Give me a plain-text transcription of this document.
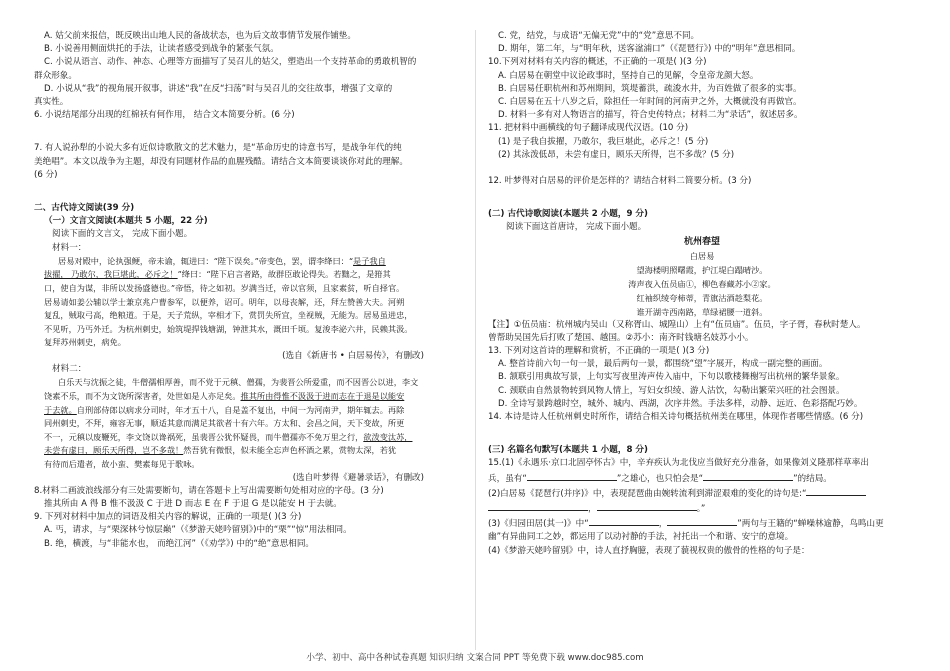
A. 姑父前来报信，既反映出山地人民的备战状态，也为后文故事情节发展作铺垫。

B. 小说善用侧面烘托的手法，让读者感受到战争的紧张气氛。

C. 小说从语言、动作、神态、心理等方面描写了吴召儿的姑父，塑造出一个支持革命的勇敢机智的

群众形象。

D. 小说从“我”的视角展开叙事，讲述“我”在反“扫荡”时与吴召儿的交往故事，增强了文章的

真实性。

6. 小说结尾部分出现的红棉袄有何作用， 结合文本简要分析。(6 分)

7. 有人说孙犁的小说大多有近似诗歌散文的艺术魅力，是“革命历史的诗意书写，是战争年代的纯

美绝唱”。本文以战争为主题，却没有同题材作品的血腥残酷。请结合文本简要谈谈你对此的理解。

(6 分)

二、古代诗文阅读(39 分)

（一）文言文阅读(本题共 5 小题，22 分)

阅读下面的文言文， 完成下面小题。

材料一：

居易对殿中，论执强鲠，帝未谕，辄进曰：“陛下误矣。”帝变色，罢，谓李绛曰：“是子我自

拔擢， 乃敢尔，我巨堪此，必斥之！”绛曰：“陛下启言者路，故群臣敢论得失。若黜之，是箝其

口，使自为谋，非所以发扬盛德也。”帝悟，待之如初。岁满当迁，帝以官须，且家素贫，听自择官。

居易请如姜公辅以学士兼京兆户曹参军，以便养，诏可。明年，以母丧解，还，拜左赞善大夫。河朔

复乱，贼取弓高，绝粮道。于是，天子荒纵，宰相才下，赏罚失所宜，坐视贼，无能为。居易虽进忠，

不见听，乃丐外迁。为杭州刺史，始筑堤捍钱塘湖，钟泄其水，溉田千顷。复浚李泌六井，民赖其汲。

复拜苏州刺史，病免。

(选自《新唐书 • 白居易传》，有删改)

材料二：

白乐天与沈振之徒，牛僧孺相厚善，而不党于元稹、僧孺，为裴晋公所爱重，而不因晋公以进，李文

饶素不乐，而不为文饶所深害者，处世如是人亦足矣。推其所由得惟不汲汲于进而志在于退是以能安

于去就。自刑部侍郎以病求分司时，年才五十八，自是盖不复出，中间一为河南尹，期年辄去。再除

同州刺史，不拜，雍容无事，顺适其意而满足其欲者十有六年。方太和、会昌之间，天下变故，所更

不一，元稹以废鞭死，李文饶以谗祸死，虽裴晋公犹怀疑畏，而牛僧孺亦不免万里之行，欲泼变汰苏，

未尝有虚日，顾乐天所得，岂不多哉！然吾犹有微恨，似未能全忘声色杯酒之累，赏物太深，若犹

有待而后遣者，故小蛮、樊素每见于歌咏。

(选自叶梦得《避暑录话》，有删改)

8.材料二画波浪线部分有三处需要断句，请在答题卡上写出需要断句处相对应的字母。(3 分)

推其所由 A 得 B 惟不汲汲 C 于进 D 而志 E 在 F 于退 G 是以能安 H 于去就。

9. 下列对材料中加点的词语及相关内容的解说，正确的一项是( )(3 分)

A. 丐，请求，与“栗深林兮惊层巅”（《梦游天姥吟留别》)中的“栗”“惊”用法相同。

B. 绝，横渡，与“非能水也， 而绝江河”（《劝学》) 中的“绝”意思相同。

C. 党，结党，与成语“无偏无党”中的“党”意思不同。

D. 期年，第二年，与“明年秋，送客湓浦口”（《琵琶行》) 中的“明年”意思相同。

10.下列对材料有关内容的概述，不正确的一项是( )(3 分)

A. 白居易在朝堂中议论政事时，坚持自己的见解，令皇帝龙颜大怒。

B. 白居易任职杭州和苏州期间，筑堤蓄洪，疏浚水井，为百姓做了很多的实事。

C. 白居易在五十八岁之后，除担任一年时间的河南尹之外，大概就没有再做官。

D. 材料一多有对人物语言的描写，符合史传特点；材料二为“录话”，叙述居多。

11. 把材料中画横线的句子翻译成现代汉语。(10 分)

(1) 是子我自拔擢，乃敢尔，我巨堪此，必斥之！(5 分)

(2) 其泳泼低昂，未尝有虚日，顾乐天所得，岂不多哉？(5 分)

12. 叶梦得对白居易的评价是怎样的？请结合材料二简要分析。(3 分)

(二) 古代诗歌阅读(本题共 2 小题，9 分)

阅读下面这首唐诗， 完成下面小题。

杭州春望

白居易

望海楼明照曙霞，护江堤白蹋晴沙。

涛声夜入伍员庙①，柳色春藏苏小②家。

红袖织绫夸柿蒂，青旗沽酒趁梨花。

谁开湖寺西南路，草绿裙腰一道斜。

【注】①伍员庙：杭州城内吴山（又称胥山、城隍山）上有“伍员庙”。伍员，字子胥，春秋时楚人。

曾帮助吴国先后打败了楚国、越国。②苏小：南齐时钱塘名妓苏小小。

13. 下列对这首诗的理解和赏析，不正确的一项是( )(3 分)

A. 整首诗前六句一句一景，最后两句一景，都围绕“望”字展开，构成一副完整的画面。

B. 颔联引用典故写景，上句实写夜里涛声传入庙中，下句以歌楼舞榭写出杭州的繁华景象。

C. 颈联由自然景物转到风物人情上，写妇女织绫、游人沽饮，勾勒出繁荣兴旺的社会图景。

D. 全诗写景跨越时空，城外、城内、西湖，次序井然。手法多样，动静、远近、色彩搭配巧妙。

14. 本诗是诗人任杭州刺史时所作，请结合相关诗句概括杭州美在哪里，体现作者哪些情感。(6 分)

(三) 名篇名句默写(本题共 1 小题，8 分)

15.(1)《永遇乐·京口北固亭怀古》中，辛弃疾认为北伐应当做好充分准备，如果像刘义隆那样草率出

兵，虽有“	”之雄心，也只怕会是“	”的结局。

(2)白居易《琵琶行(并序)》中，表现琵琶曲由婉转流利到滞涩艰难的变化的诗句是:“

，	。”

(3)《归园田居(其一)》中“	，	”两句与王籍的“蝉噪林逾静，鸟鸣山更

幽”有异曲同工之妙，都运用了以动衬静的手法，衬托出一个和谐、安宁的意境。

(4)《梦游天姥吟留别》中，诗人直抒胸臆，表现了藐视权贵的傲骨的性格的句子是：

小学、初中、高中各种试卷真题 知识归纳 文案合同 PPT 等免费下载 www.doc985.com
